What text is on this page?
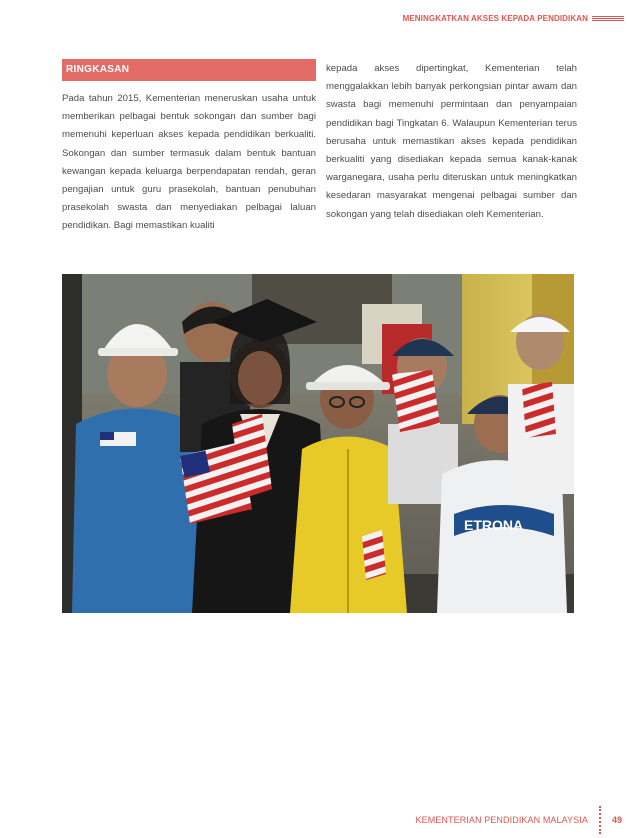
MENINGKATKAN AKSES KEPADA PENDIDIKAN
RINGKASAN
Pada tahun 2015, Kementerian meneruskan usaha untuk memberikan pelbagai bentuk sokongan dan sumber bagi memenuhi keperluan akses kepada pendidikan berkualiti. Sokongan dan sumber termasuk dalam bentuk bantuan kewangan kepada keluarga berpendapatan rendah, geran pengajian untuk guru prasekolah, bantuan penubuhan prasekolah swasta dan menyediakan pelbagai laluan pendidikan. Bagi memastikan kualiti
kepada akses dipertingkat, Kementerian telah menggalakkan lebih banyak perkongsian pintar awam dan swasta bagi memenuhi permintaan dan penyampaian pendidikan bagi Tingkatan 6. Walaupun Kementerian terus berusaha untuk memastikan akses kepada pendidikan berkualiti yang disediakan kepada semua kanak-kanak warganegara, usaha perlu diteruskan untuk meningkatkan kesedaran masyarakat mengenai pelbagai sumber dan sokongan yang telah disediakan oleh Kementerian.
ETRONA
KEMENTERIAN PENDIDIKAN MALAYSIA	49
